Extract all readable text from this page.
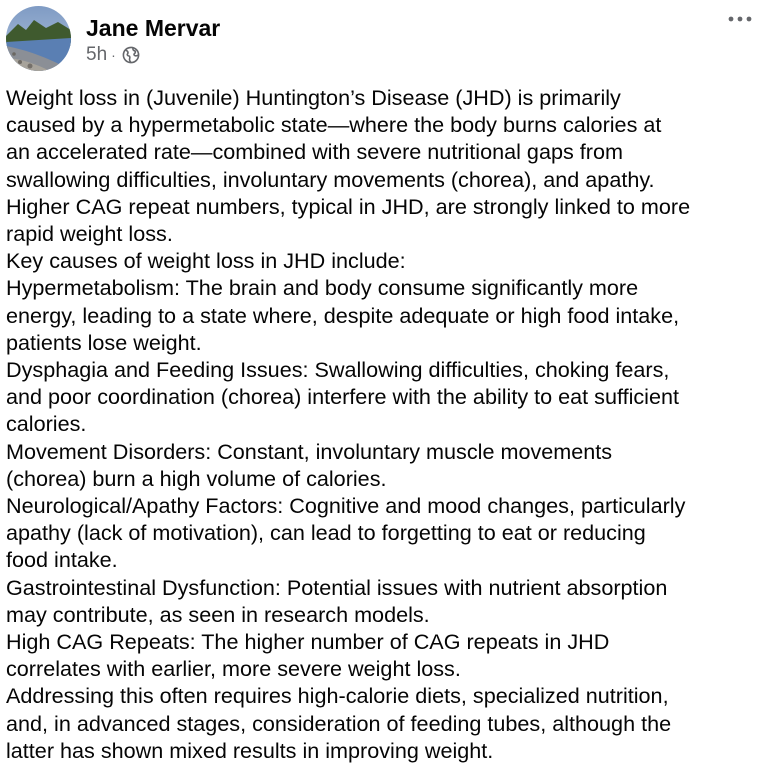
Jane Mervar
5h ·

Weight loss in (Juvenile) Huntington’s Disease (JHD) is primarily
caused by a hypermetabolic state—where the body burns calories at
an accelerated rate—combined with severe nutritional gaps from
swallowing difficulties, involuntary movements (chorea), and apathy.
Higher CAG repeat numbers, typical in JHD, are strongly linked to more
rapid weight loss.

Key causes of weight loss in JHD include:

Hypermetabolism: The brain and body consume significantly more
energy, leading to a state where, despite adequate or high food intake,
patients lose weight.

Dysphagia and Feeding Issues: Swallowing difficulties, choking fears,
and poor coordination (chorea) interfere with the ability to eat sufficient
calories.

Movement Disorders: Constant, involuntary muscle movements
(chorea) burn a high volume of calories.

Neurological/Apathy Factors: Cognitive and mood changes, particularly
apathy (lack of motivation), can lead to forgetting to eat or reducing
food intake.

Gastrointestinal Dysfunction: Potential issues with nutrient absorption
may contribute, as seen in research models.

High CAG Repeats: The higher number of CAG repeats in JHD
correlates with earlier, more severe weight loss.

Addressing this often requires high-calorie diets, specialized nutrition,
and, in advanced stages, consideration of feeding tubes, although the
latter has shown mixed results in improving weight.
